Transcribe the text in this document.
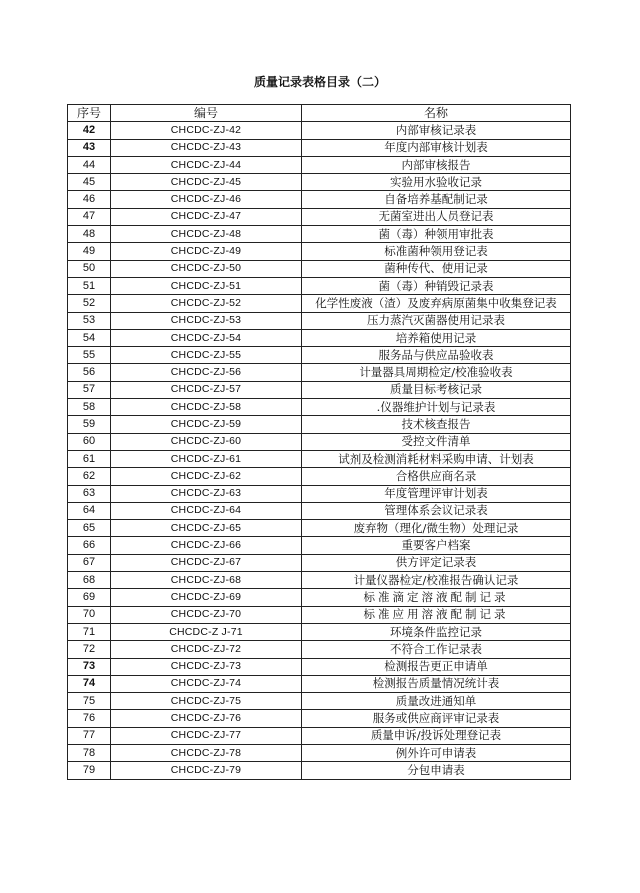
质量记录表格目录（二）
序号	编号	名称
42	CHCDC-ZJ-42	内部审核记录表
43	CHCDC-ZJ-43	年度内部审核计划表
44	CHCDC-ZJ-44	内部审核报告
45	CHCDC-ZJ-45	实验用水验收记录
46	CHCDC-ZJ-46	自备培养基配制记录
47	CHCDC-ZJ-47	无菌室进出人员登记表
48	CHCDC-ZJ-48	菌（毒）种领用审批表
49	CHCDC-ZJ-49	标准菌种领用登记表
50	CHCDC-ZJ-50	菌种传代、使用记录
51	CHCDC-ZJ-51	菌（毒）种销毁记录表
52	CHCDC-ZJ-52	化学性废液（渣）及废弃病原菌集中收集登记表
53	CHCDC-ZJ-53	压力蒸汽灭菌器使用记录表
54	CHCDC-ZJ-54	培养箱使用记录
55	CHCDC-ZJ-55	服务品与供应品验收表
56	CHCDC-ZJ-56	计量器具周期检定/校准验收表
57	CHCDC-ZJ-57	质量目标考核记录
58	CHCDC-ZJ-58	.仪器维护计划与记录表
59	CHCDC-ZJ-59	技术核查报告
60	CHCDC-ZJ-60	受控文件清单
61	CHCDC-ZJ-61	试剂及检测消耗材料采购申请、计划表
62	CHCDC-ZJ-62	合格供应商名录
63	CHCDC-ZJ-63	年度管理评审计划表
64	CHCDC-ZJ-64	管理体系会议记录表
65	CHCDC-ZJ-65	废弃物（理化/微生物）处理记录
66	CHCDC-ZJ-66	重要客户档案
67	CHCDC-ZJ-67	供方评定记录表
68	CHCDC-ZJ-68	计量仪器检定/校准报告确认记录
69	CHCDC-ZJ-69	标准滴定溶液配制记录
70	CHCDC-ZJ-70	标准应用溶液配制记录
71	CHCDC-Z J-71	环境条件监控记录
72	CHCDC-ZJ-72	不符合工作记录表
73	CHCDC-ZJ-73	检测报告更正申请单
74	CHCDC-ZJ-74	检测报告质量情况统计表
75	CHCDC-ZJ-75	质量改进通知单
76	CHCDC-ZJ-76	服务或供应商评审记录表
77	CHCDC-ZJ-77	质量申诉/投诉处理登记表
78	CHCDC-ZJ-78	例外许可申请表
79	CHCDC-ZJ-79	分包申请表
